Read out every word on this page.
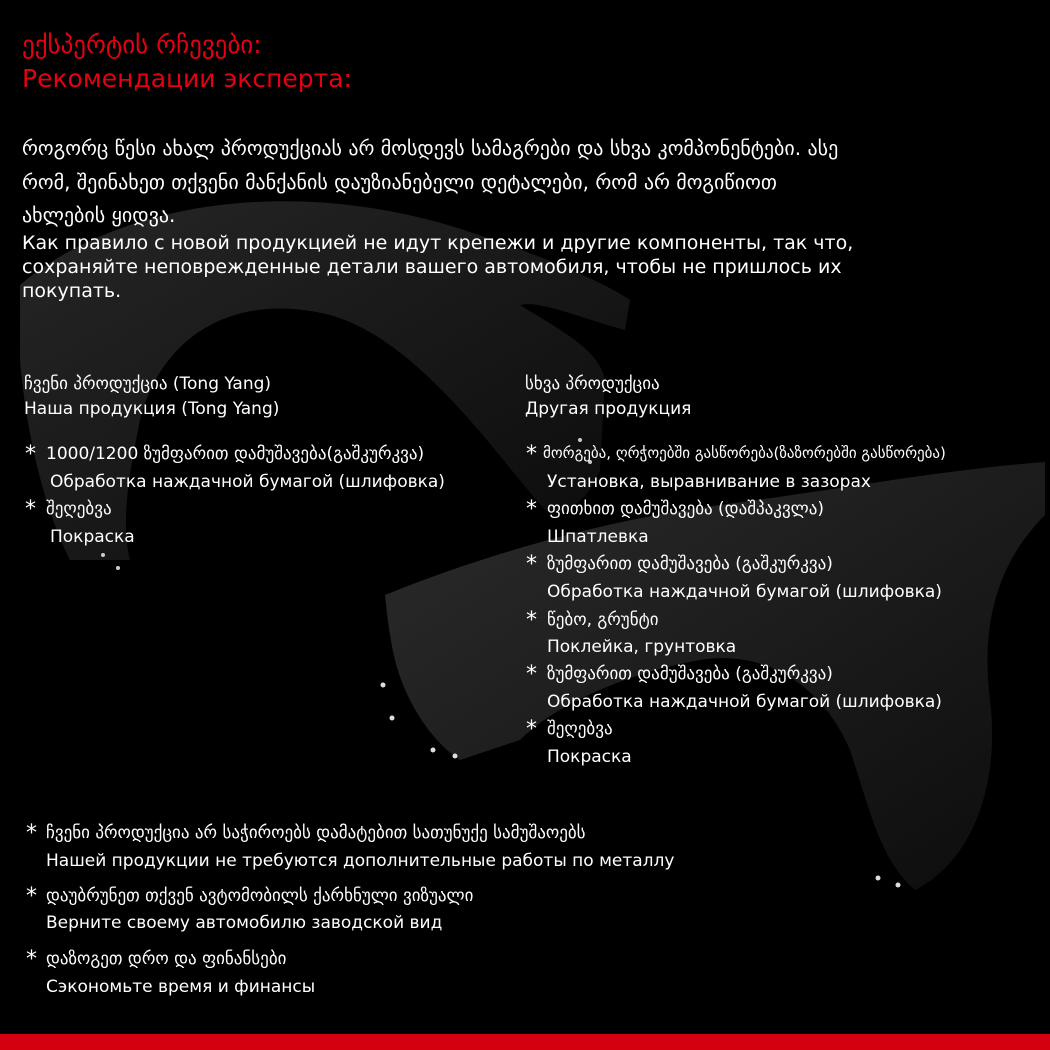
ექსპერტის რჩევები:
Рекомендации эксперта:
როგორც წესი ახალ პროდუქციას არ მოსდევს სამაგრები და სხვა კომპონენტები. ასე
რომ, შეინახეთ თქვენი მანქანის დაუზიანებელი დეტალები, რომ არ მოგიწიოთ
ახლების ყიდვა.
Как правило с новой продукцией не идут крепежи и другие компоненты, так что,
сохраняйте неповрежденные детали вашего автомобиля, чтобы не пришлось их
покупать.
ჩვენი პროდუქცია (Tong Yang)
Наша продукция (Tong Yang)
* 1000/1200 ზუმფარით დამუშავება(გაშკურკვა)
Обработка наждачной бумагой (шлифовка)
* შეღებვა
Покраска
სხვა პროდუქცია
Другая продукция
* მორგება, ღრჭოებში გასწორება(ზაზორებში გასწორება)
Установка, выравнивание в зазорах
* ფითხით დამუშავება (დაშპაკვლა)
Шпатлевка
* ზუმფარით დამუშავება (გაშკურკვა)
Обработка наждачной бумагой (шлифовка)
* წებო, გრუნტი
Поклейка, грунтовка
* ზუმფარით დამუშავება (გაშკურკვა)
Обработка наждачной бумагой (шлифовка)
* შეღებვა
Покраска
* ჩვენი პროდუქცია არ საჭიროებს დამატებით სათუნუქე სამუშაოებს
Нашей продукции не требуются дополнительные работы по металлу
* დაუბრუნეთ თქვენ ავტომობილს ქარხნული ვიზუალი
Верните своему автомобилю заводской вид
* დაზოგეთ დრო და ფინანსები
Сэкономьте время и финансы
